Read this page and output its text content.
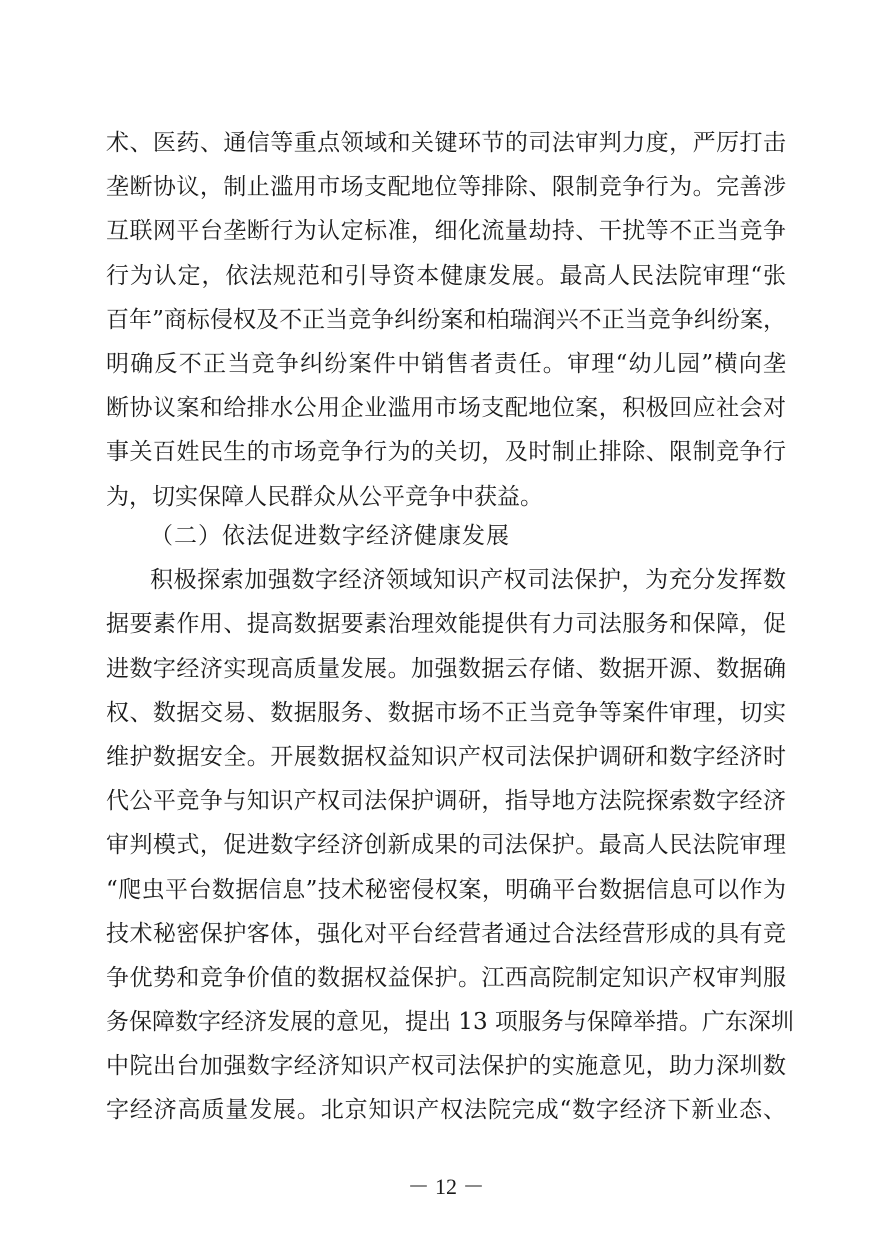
术、医药、通信等重点领域和关键环节的司法审判力度，严厉打击
垄断协议，制止滥用市场支配地位等排除、限制竞争行为。完善涉
互联网平台垄断行为认定标准，细化流量劫持、干扰等不正当竞争
行为认定，依法规范和引导资本健康发展。最高人民法院审理“张
百年”商标侵权及不正当竞争纠纷案和柏瑞润兴不正当竞争纠纷案，
明确反不正当竞争纠纷案件中销售者责任。审理“幼儿园”横向垄
断协议案和给排水公用企业滥用市场支配地位案，积极回应社会对
事关百姓民生的市场竞争行为的关切，及时制止排除、限制竞争行
为，切实保障人民群众从公平竞争中获益。
（二）依法促进数字经济健康发展
积极探索加强数字经济领域知识产权司法保护，为充分发挥数
据要素作用、提高数据要素治理效能提供有力司法服务和保障，促
进数字经济实现高质量发展。加强数据云存储、数据开源、数据确
权、数据交易、数据服务、数据市场不正当竞争等案件审理，切实
维护数据安全。开展数据权益知识产权司法保护调研和数字经济时
代公平竞争与知识产权司法保护调研，指导地方法院探索数字经济
审判模式，促进数字经济创新成果的司法保护。最高人民法院审理
“爬虫平台数据信息”技术秘密侵权案，明确平台数据信息可以作为
技术秘密保护客体，强化对平台经营者通过合法经营形成的具有竞
争优势和竞争价值的数据权益保护。江西高院制定知识产权审判服
务保障数字经济发展的意见，提出 13 项服务与保障举措。广东深圳
中院出台加强数字经济知识产权司法保护的实施意见，助力深圳数
字经济高质量发展。北京知识产权法院完成“数字经济下新业态、
－ 12 －
